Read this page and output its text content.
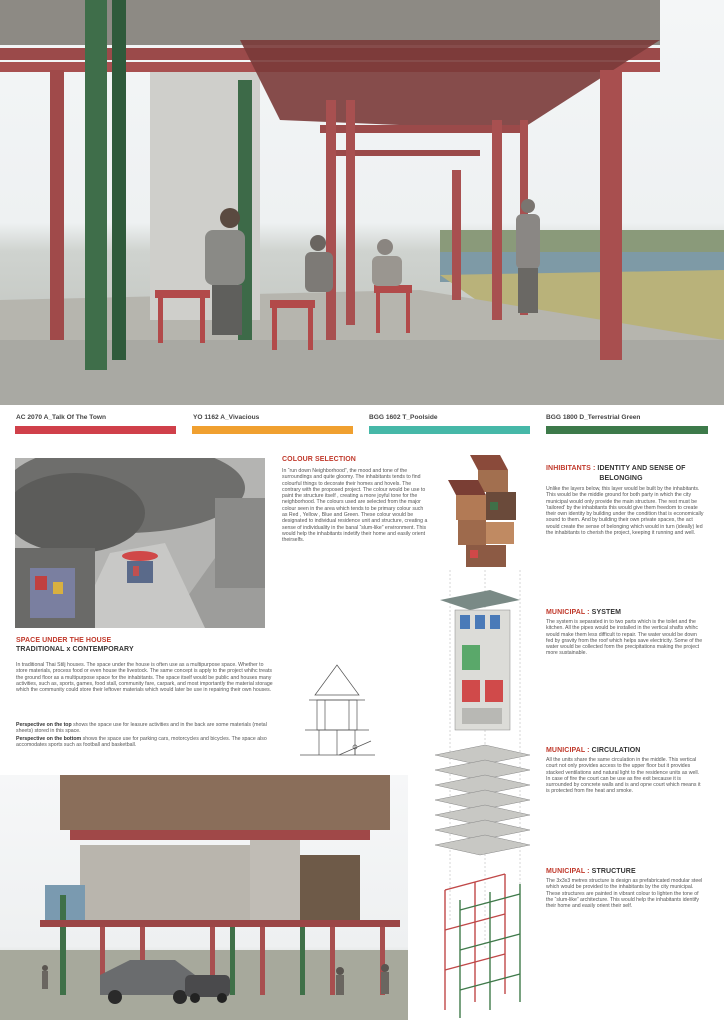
AC 2070 A_Talk Of The Town	YO 1162 A_Vivacious	BGG 1602 T_Poolside	BGG 1800 D_Terrestrial Green
COLOUR SELECTION
In “run down Neighborhood”, the mood and tone of the surroundings and quite gloomy. The inhabitants tends to find colourful things to decorate their homes and hovels. The contrary with the proposed project. The colour would be use to paint the structure itself , creating a more joyful tone for the neighborhood. The colours used are selected from the major colour seen in the area which tends to be primary colour such as Red , Yellow , Blue and Green. These colour would be designated to individual residence unit and structure, creating a sense of individuality in the banal “slum-like” environment. This would help the inhabitants indetify their home and easily orient theirselfs.
SPACE UNDER THE HOUSE
TRADITIONAL x CONTEMPORARY
In traditional Thai Stilj houses. The space under the house is often use as a multipurpose space. Whether to store materials, process food or even house the livestock. The same concept is apply to the project whihc treats the ground floor as a multipurpose space for the inhabitants. The space itself would be public and houses many activities, such as, sports, games, food stall, community fare, carpark, and most importantly the material storage which the community could store their leftover materials which would later be use in repairing their own houses.
Perspective on the top shows the space use for leasure activities and in the back are some materials (metal sheets) stored in this space.
Perspective on the bottom shows the space use for parking cars, motorcycles and bicycles. The space also accomodates sports such as football and basketball.
INHIBITANTS : IDENTITY AND SENSE OF
BELONGING
Unlike the layers below, this layer would be built by the inhabitants. This would be the middle ground for both party in which the city municipal would only provide the main structure. The rest must be ‘tailored’ by the inhabitants this would give them freedom to create their own identity by building under the condition that is economically sound to them. And by building their own private spaces, the act would create the sense of belonging which would in turn (ideally) led the inhabitants to cherish the project, keeping it running and well.
MUNICIPAL : SYSTEM
The system is separated in to two parts which is the toilet and the kitchen. All the pipes would be installed in the vertical shafts whihc would make them less difficult to repair. The water would be down fed by gravity from the roof which helps save electricity. Some of the water would be collected form the precipitations making the project more sustainable.
MUNICIPAL : CIRCULATION
All the units share the same circulation in the middle. This vertical court not only provides access to the upper floor but it provides stacked ventilations and natural light to the residence units as well. In case of fire the court can be use as fire exit because it is surrounded by concrete walls and is and opne court which means it is protected from fire heat and smoke.
MUNICIPAL : STRUCTURE
The 3x3x3 metres structure is design as prefabricated modular steel which would be provided to the inhabitants by the city municipal. These structures are painted in vibrant colour to lighten the tone of the “slum-like” architecture. This would help the inhabitants identify their home and easily orient their self.
